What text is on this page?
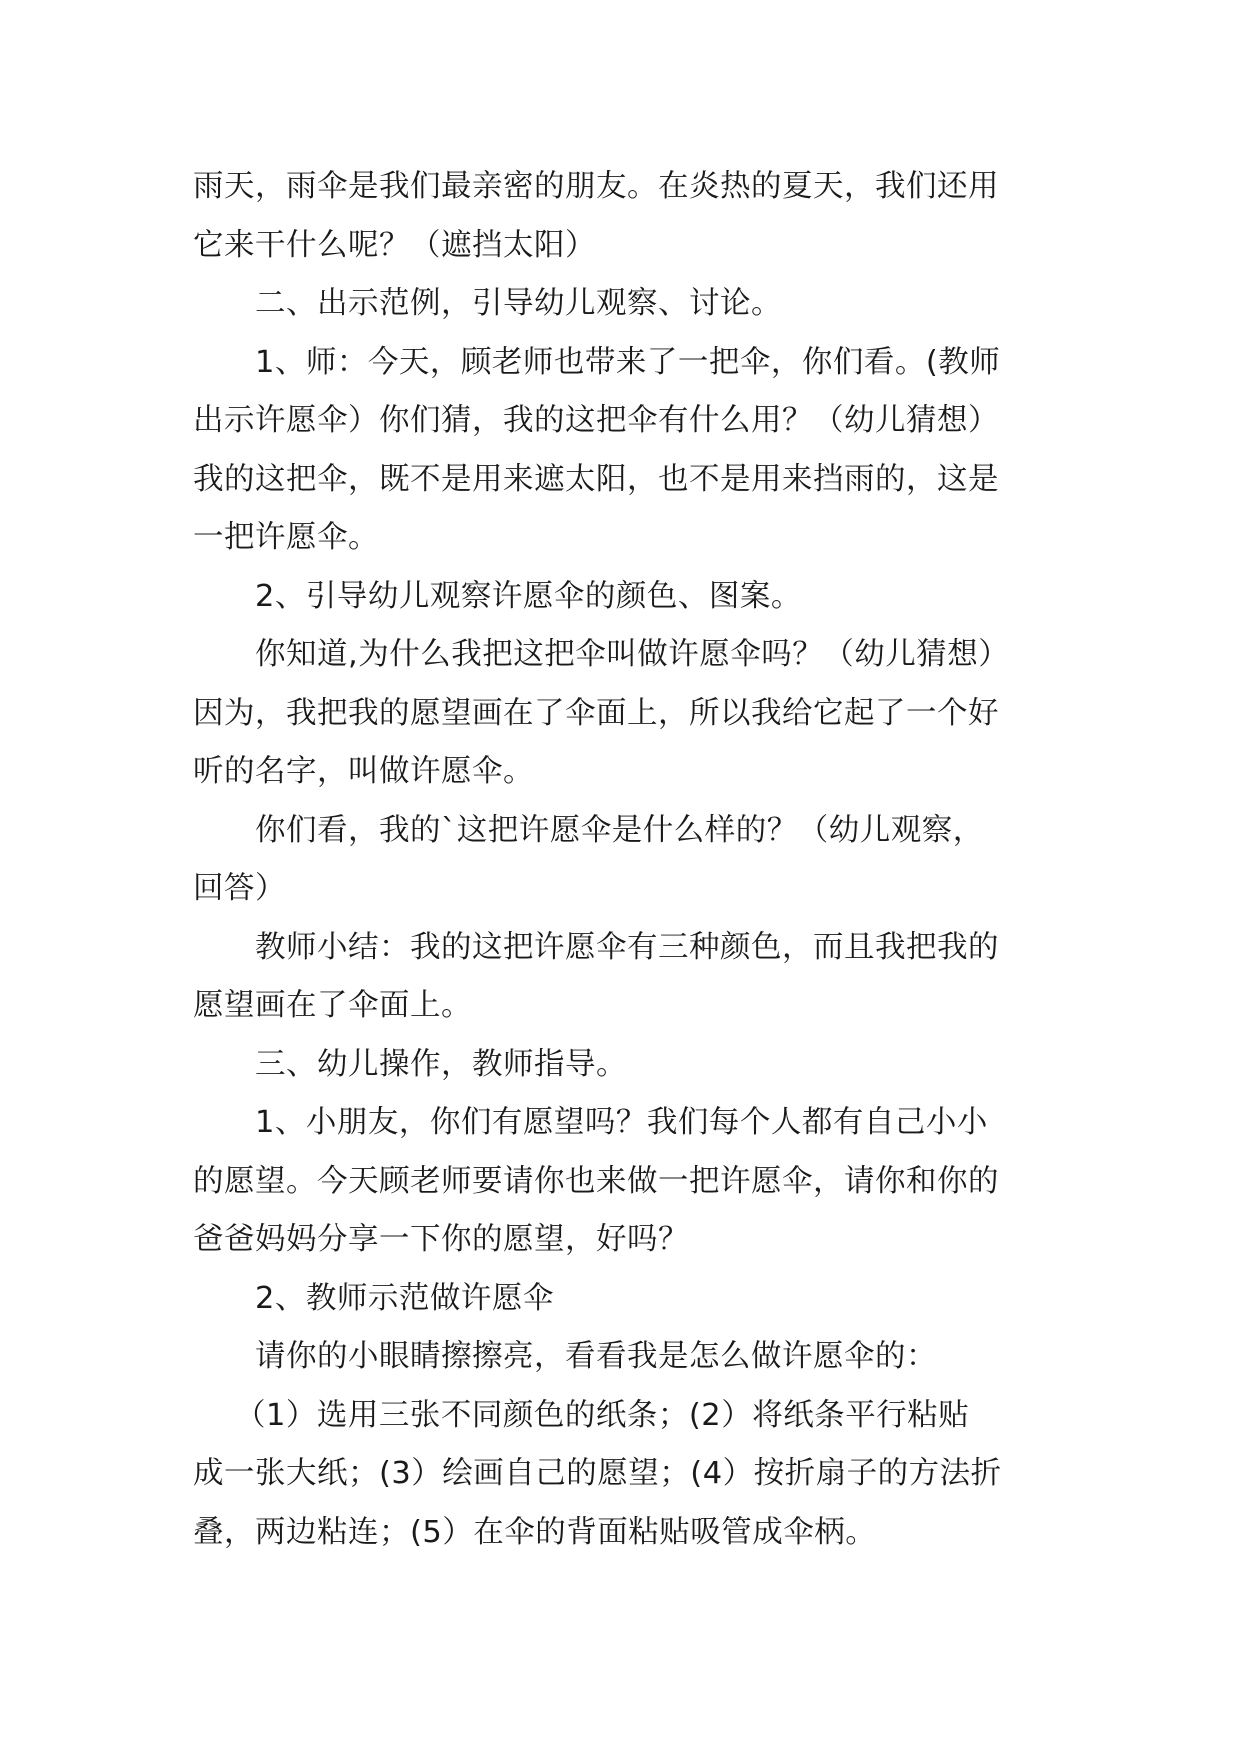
雨天，雨伞是我们最亲密的朋友。在炎热的夏天，我们还用
它来干什么呢？（遮挡太阳）
二、出示范例，引导幼儿观察、讨论。
1、师：今天，顾老师也带来了一把伞，你们看。(教师
出示许愿伞）你们猜，我的这把伞有什么用？（幼儿猜想）
我的这把伞，既不是用来遮太阳，也不是用来挡雨的，这是
一把许愿伞。
2、引导幼儿观察许愿伞的颜色、图案。
你知道,为什么我把这把伞叫做许愿伞吗？（幼儿猜想）
因为，我把我的愿望画在了伞面上，所以我给它起了一个好
听的名字，叫做许愿伞。
你们看，我的`这把许愿伞是什么样的？（幼儿观察，
回答）
教师小结：我的这把许愿伞有三种颜色，而且我把我的
愿望画在了伞面上。
三、幼儿操作，教师指导。
1、小朋友，你们有愿望吗？我们每个人都有自己小小
的愿望。今天顾老师要请你也来做一把许愿伞，请你和你的
爸爸妈妈分享一下你的愿望，好吗？
2、教师示范做许愿伞
请你的小眼睛擦擦亮，看看我是怎么做许愿伞的：
（1）选用三张不同颜色的纸条；(2）将纸条平行粘贴
成一张大纸；(3）绘画自己的愿望；(4）按折扇子的方法折
叠，两边粘连；(5）在伞的背面粘贴吸管成伞柄。
